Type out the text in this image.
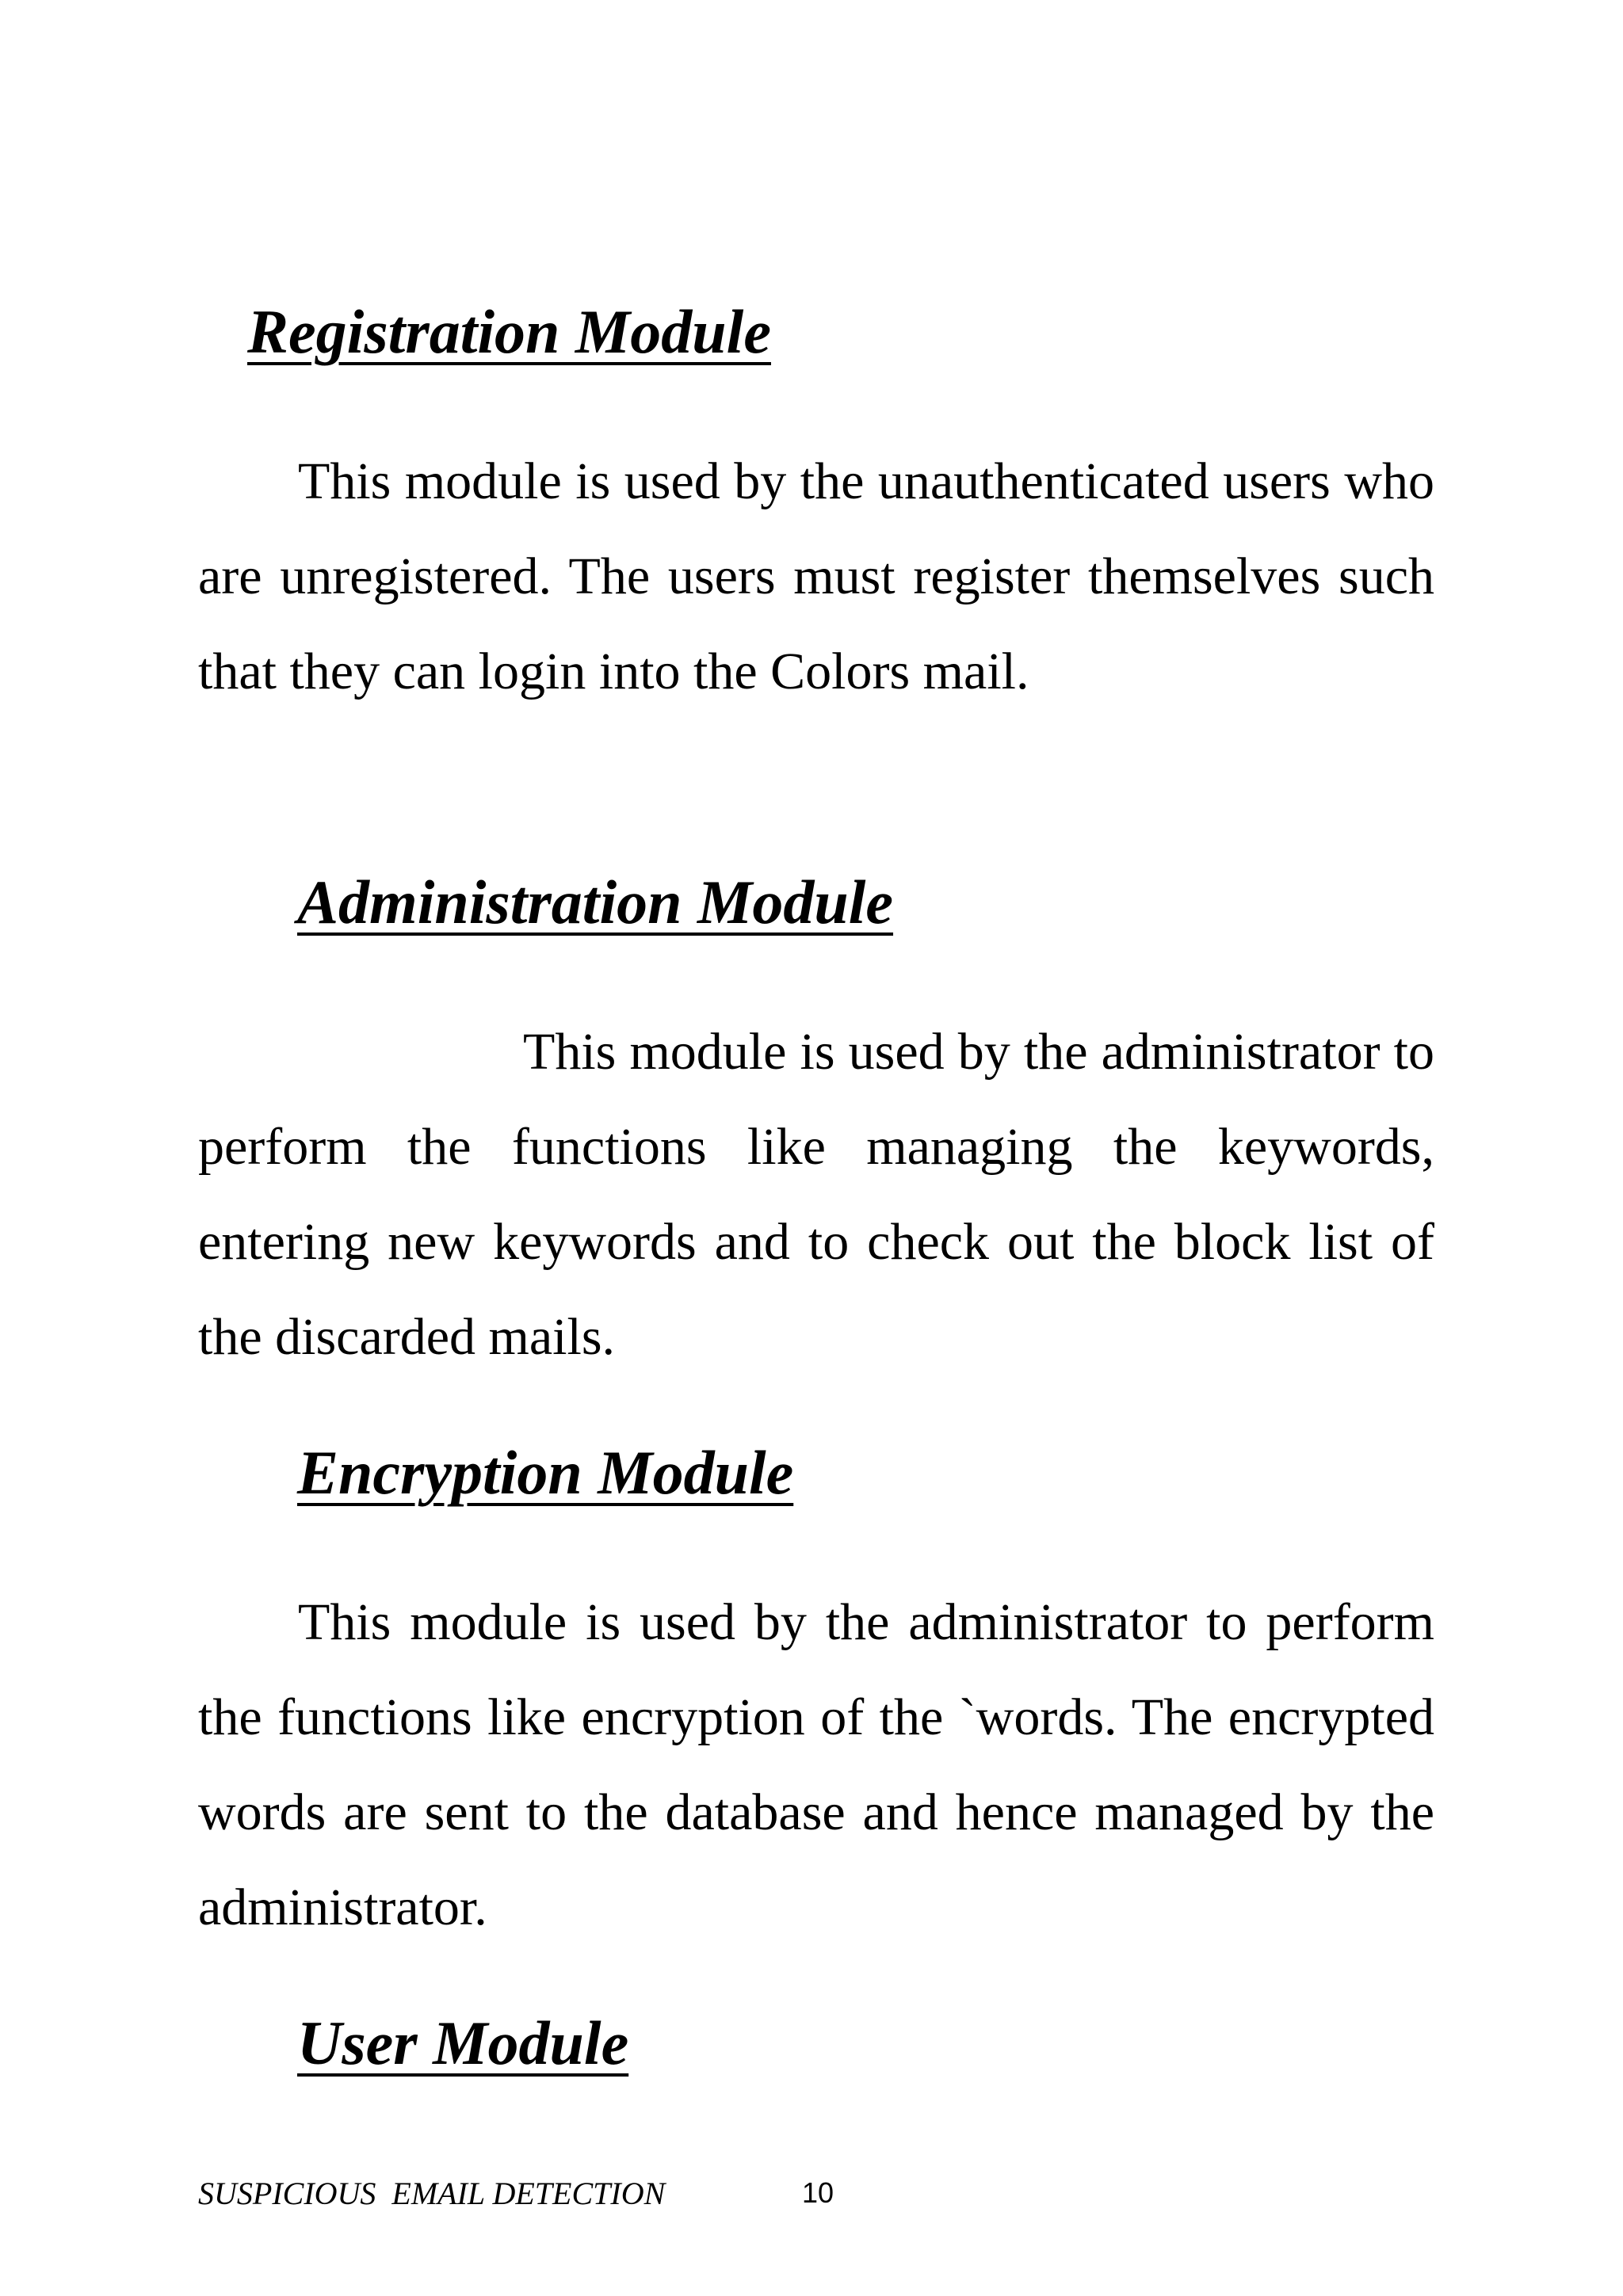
Registration Module

This module is used by the unauthenticated users who are unregistered. The users must register themselves such that they can login into the Colors mail.

Administration Module

This module is used by the administrator to perform the functions like managing the keywords, entering new keywords and to check out the block list of the discarded mails.

Encryption Module

This module is used by the administrator to perform the functions like encryption of the `words. The encrypted words are sent to the database and hence managed by the administrator.

User Module
SUSPICIOUS  EMAIL DETECTION	10
